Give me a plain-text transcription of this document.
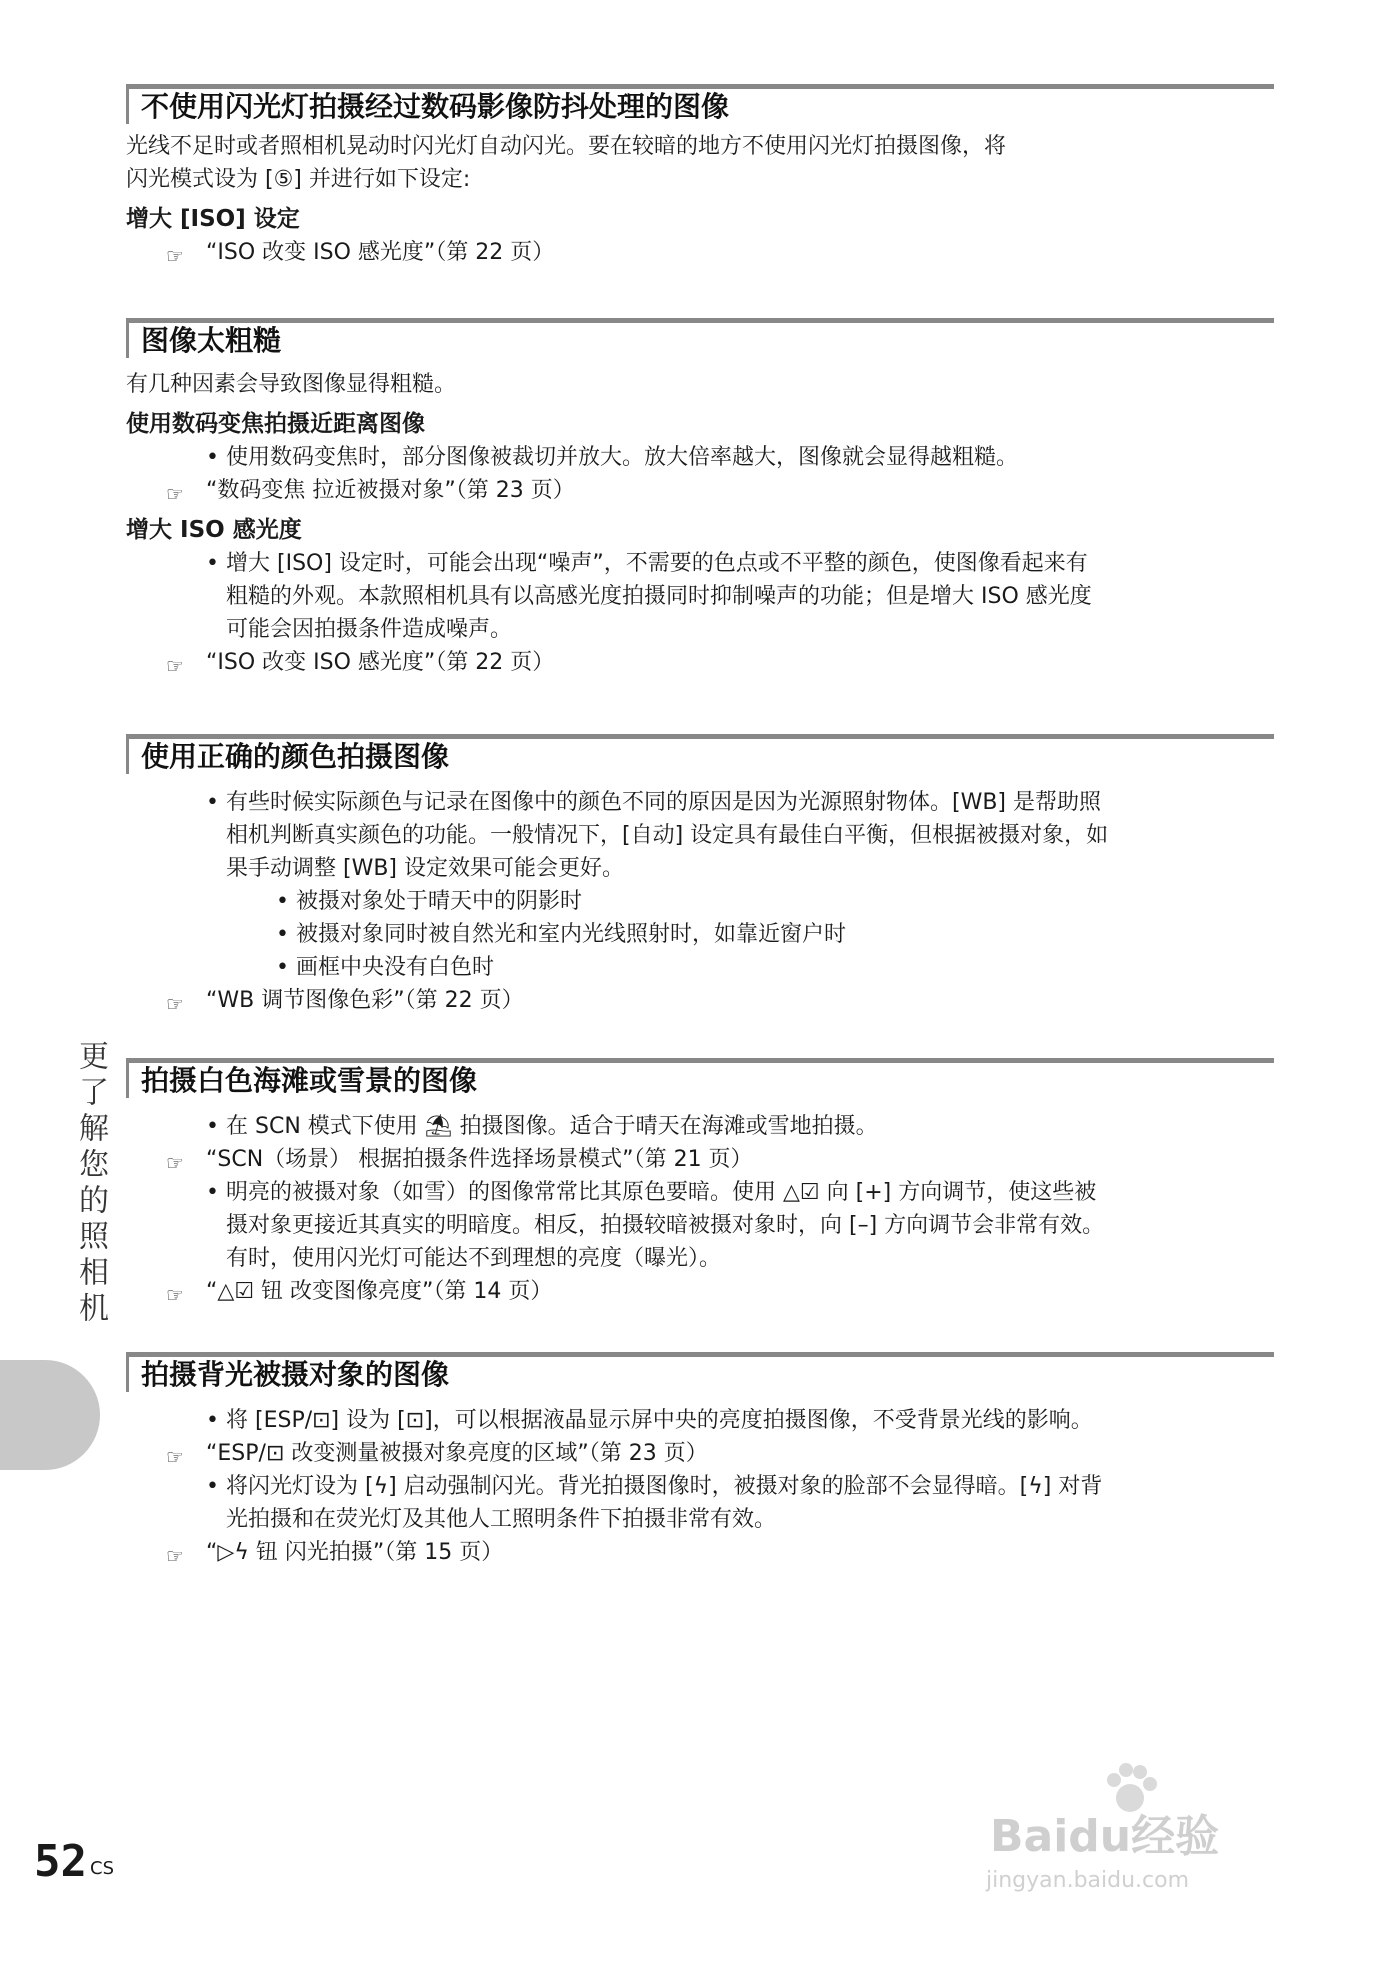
不使用闪光灯拍摄经过数码影像防抖处理的图像
光线不足时或者照相机晃动时闪光灯自动闪光。要在较暗的地方不使用闪光灯拍摄图像，将
闪光模式设为 [⑤] 并进行如下设定:
增大 [ISO] 设定
☞ “ISO 改变 ISO 感光度”（第 22 页）
图像太粗糙
有几种因素会导致图像显得粗糙。
使用数码变焦拍摄近距离图像
• 使用数码变焦时，部分图像被裁切并放大。放大倍率越大，图像就会显得越粗糙。
☞ “数码变焦 拉近被摄对象”（第 23 页）
增大 ISO 感光度
• 增大 [ISO] 设定时，可能会出现“噪声”，不需要的色点或不平整的颜色，使图像看起来有
粗糙的外观。本款照相机具有以高感光度拍摄同时抑制噪声的功能；但是增大 ISO 感光度
可能会因拍摄条件造成噪声。
☞ “ISO 改变 ISO 感光度”（第 22 页）
使用正确的颜色拍摄图像
• 有些时候实际颜色与记录在图像中的颜色不同的原因是因为光源照射物体。[WB] 是帮助照
相机判断真实颜色的功能。一般情况下，[自动] 设定具有最佳白平衡，但根据被摄对象，如
果手动调整 [WB] 设定效果可能会更好。
• 被摄对象处于晴天中的阴影时
• 被摄对象同时被自然光和室内光线照射时，如靠近窗户时
• 画框中央没有白色时
☞ “WB 调节图像色彩”（第 22 页）
拍摄白色海滩或雪景的图像
• 在 SCN 模式下使用 ⛱ 拍摄图像。适合于晴天在海滩或雪地拍摄。
☞ “SCN（场景） 根据拍摄条件选择场景模式”（第 21 页）
• 明亮的被摄对象（如雪）的图像常常比其原色要暗。使用 △☑ 向 [+] 方向调节，使这些被
摄对象更接近其真实的明暗度。相反，拍摄较暗被摄对象时，向 [–] 方向调节会非常有效。
有时，使用闪光灯可能达不到理想的亮度（曝光）。
☞ “△☑ 钮 改变图像亮度”（第 14 页）
拍摄背光被摄对象的图像
• 将 [ESP/⊡] 设为 [⊡]，可以根据液晶显示屏中央的亮度拍摄图像，不受背景光线的影响。
☞ “ESP/⊡ 改变测量被摄对象亮度的区域”（第 23 页）
• 将闪光灯设为 [ϟ] 启动强制闪光。背光拍摄图像时，被摄对象的脸部不会显得暗。[ϟ] 对背
光拍摄和在荧光灯及其他人工照明条件下拍摄非常有效。
☞ “▷ϟ 钮 闪光拍摄”（第 15 页）
更了解您的照相机
52 CS
Baidu经验
jingyan.baidu.com
